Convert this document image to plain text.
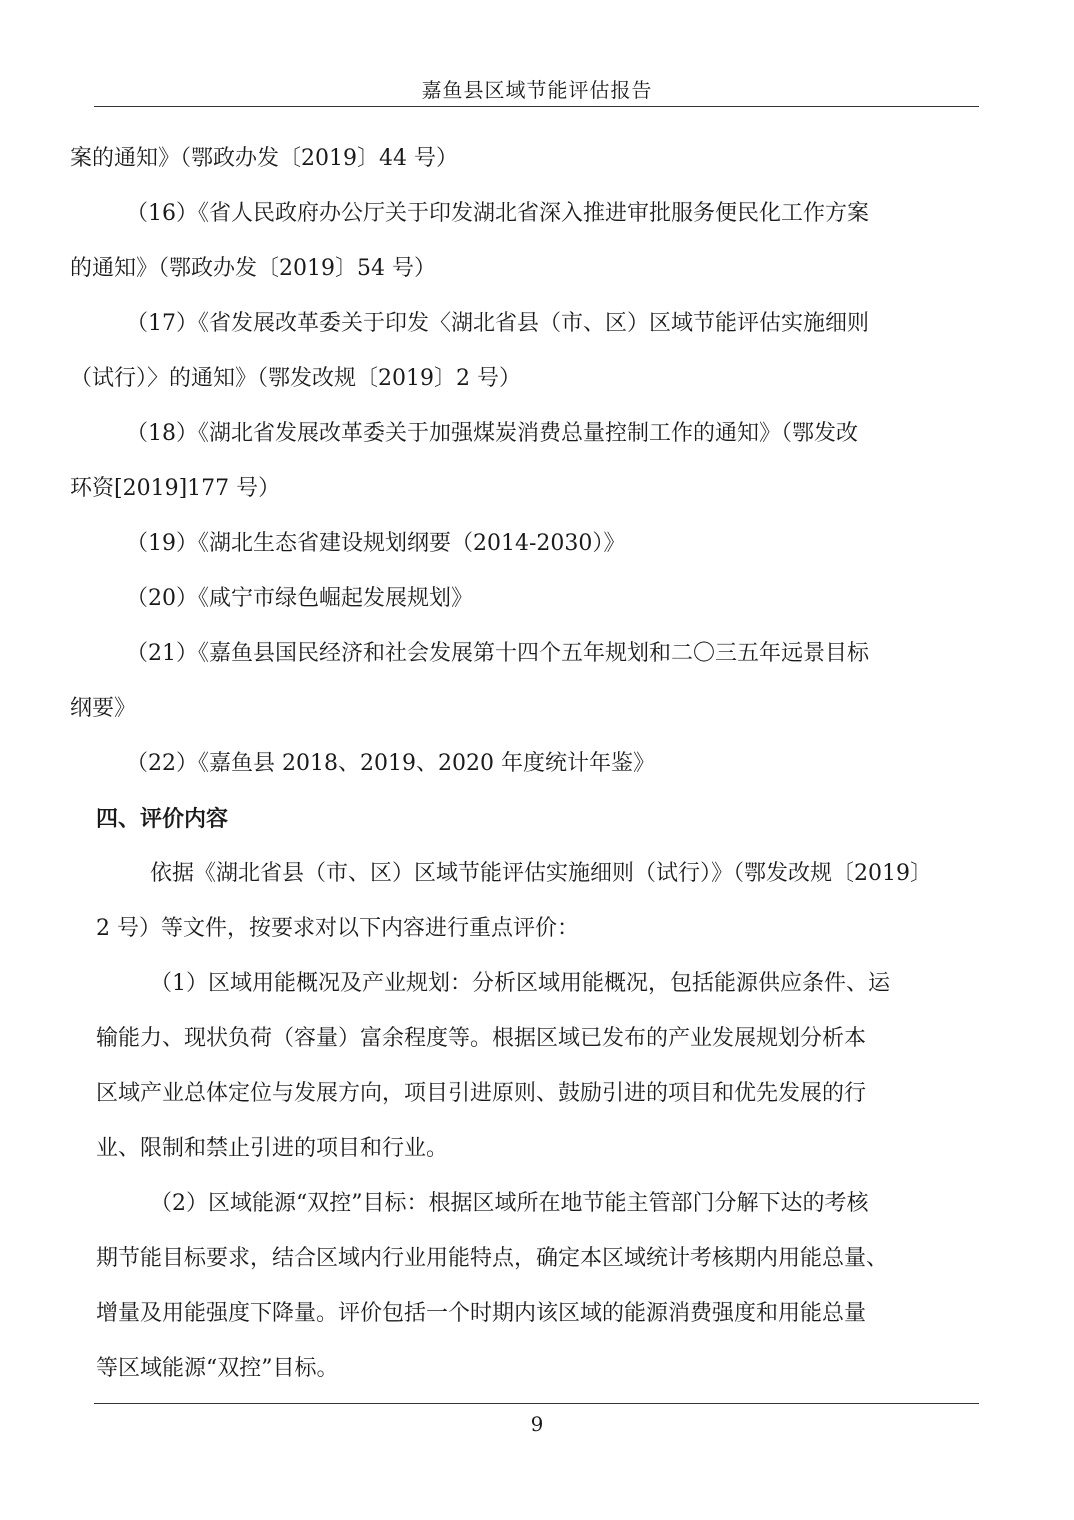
嘉鱼县区域节能评估报告
案的通知》（鄂政办发〔2019〕44 号）
（16）《省人民政府办公厅关于印发湖北省深入推进审批服务便民化工作方案
的通知》（鄂政办发〔2019〕54 号）
（17）《省发展改革委关于印发〈湖北省县（市、区）区域节能评估实施细则
（试行）〉的通知》（鄂发改规〔2019〕2 号）
（18）《湖北省发展改革委关于加强煤炭消费总量控制工作的通知》（鄂发改
环资[2019]177 号）
（19）《湖北生态省建设规划纲要（2014-2030）》
（20）《咸宁市绿色崛起发展规划》
（21）《嘉鱼县国民经济和社会发展第十四个五年规划和二〇三五年远景目标
纲要》
（22）《嘉鱼县 2018、2019、2020 年度统计年鉴》
四、评价内容
依据《湖北省县（市、区）区域节能评估实施细则（试行）》（鄂发改规〔2019〕
2 号）等文件，按要求对以下内容进行重点评价：
（1）区域用能概况及产业规划：分析区域用能概况，包括能源供应条件、运
输能力、现状负荷（容量）富余程度等。根据区域已发布的产业发展规划分析本
区域产业总体定位与发展方向，项目引进原则、鼓励引进的项目和优先发展的行
业、限制和禁止引进的项目和行业。
（2）区域能源“双控”目标：根据区域所在地节能主管部门分解下达的考核
期节能目标要求，结合区域内行业用能特点，确定本区域统计考核期内用能总量、
增量及用能强度下降量。评价包括一个时期内该区域的能源消费强度和用能总量
等区域能源“双控”目标。
9
